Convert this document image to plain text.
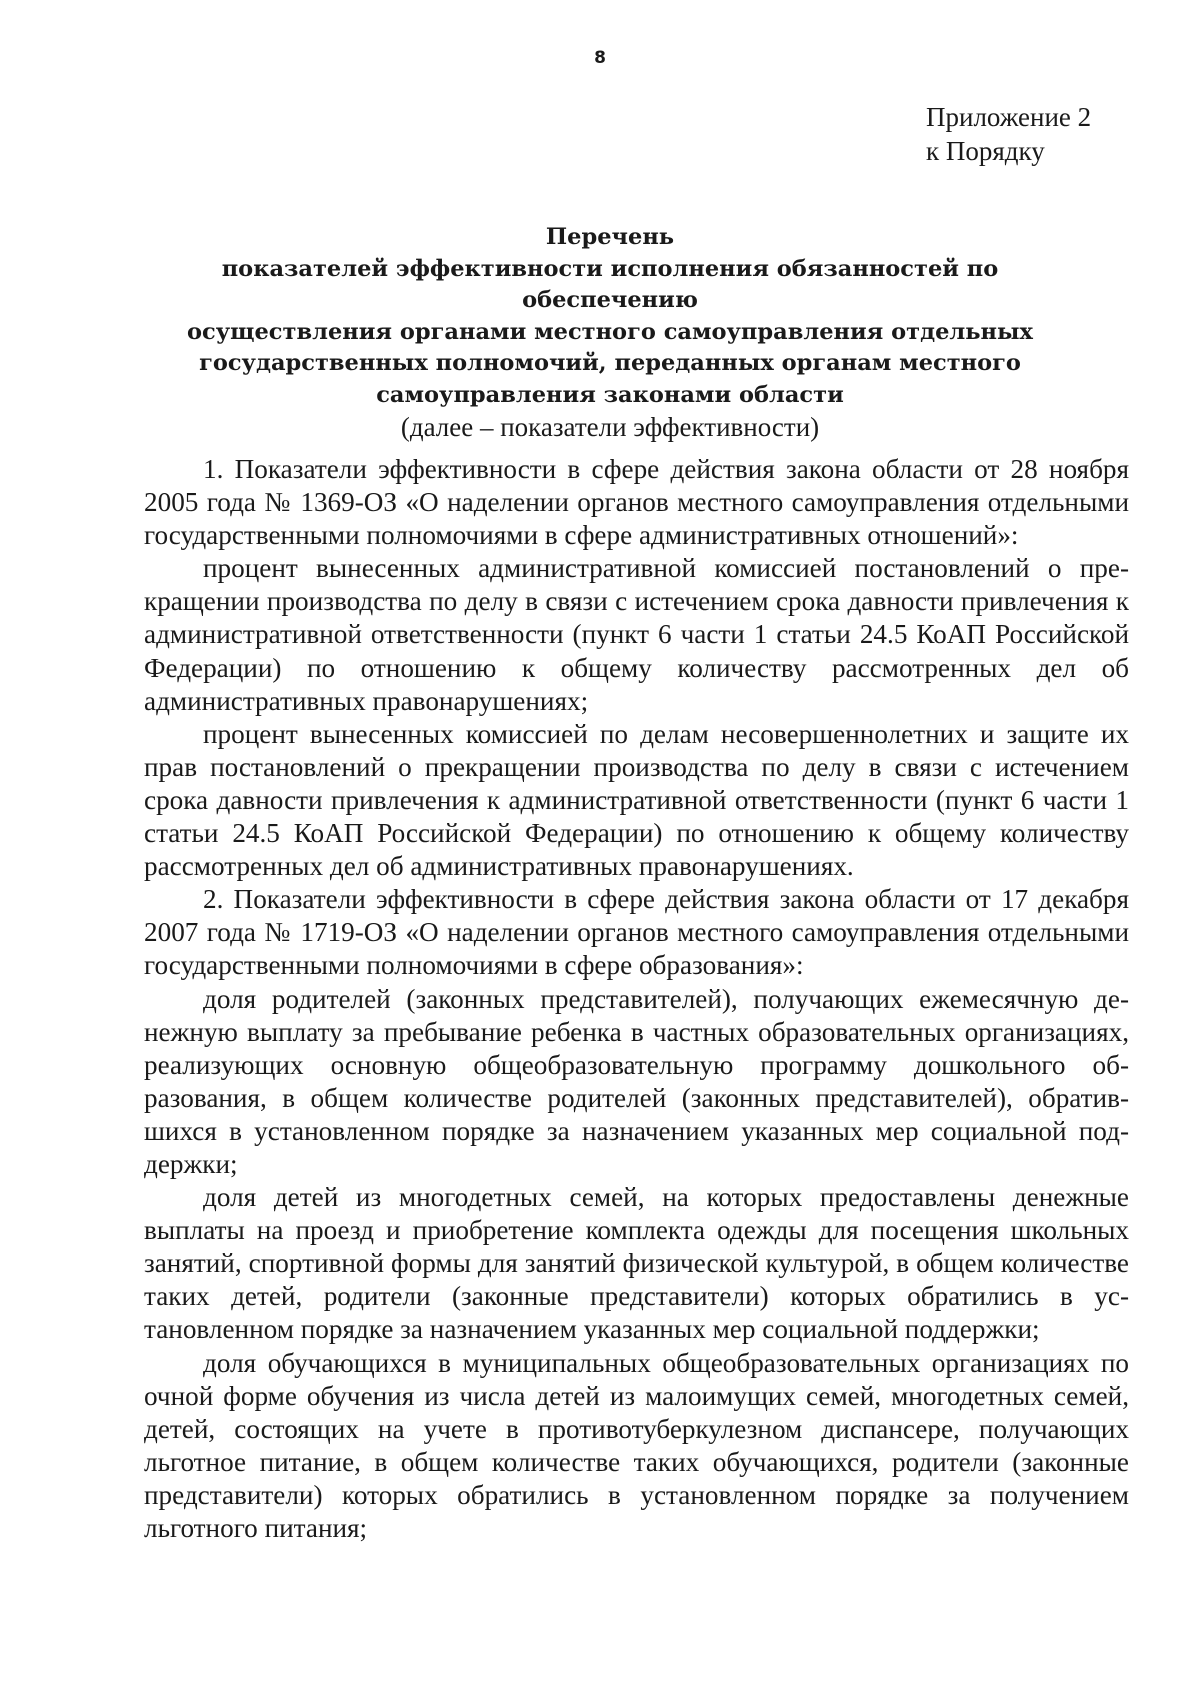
8
Приложение 2
к Порядку
Перечень
показателей эффективности исполнения обязанностей по обеспечению
осуществления органами местного самоуправления отдельных
государственных полномочий, переданных органам местного
самоуправления законами области
(далее – показатели эффективности)

1. Показатели эффективности в сфере действия закона области от 28 ноября 2005 года № 1369-ОЗ «О наделении органов местного самоуправления отдельными государственными полномочиями в сфере административных отношений»:

процент вынесенных административной комиссией постановлений о прекращении производства по делу в связи с истечением срока давности привлечения к административной ответственности (пункт 6 части 1 статьи 24.5 КоАП Российской Федерации) по отношению к общему количеству рассмотренных дел об административных правонарушениях;

процент вынесенных комиссией по делам несовершеннолетних и защите их прав постановлений о прекращении производства по делу в связи с истечением срока давности привлечения к административной ответственности (пункт 6 части 1 статьи 24.5 КоАП Российской Федерации) по отношению к общему количеству рассмотренных дел об административных правонарушениях.

2. Показатели эффективности в сфере действия закона области от 17 декабря 2007 года № 1719-ОЗ «О наделении органов местного самоуправления отдельными государственными полномочиями в сфере образования»:

доля родителей (законных представителей), получающих ежемесячную денежную выплату за пребывание ребенка в частных образовательных организациях, реализующих основную общеобразовательную программу дошкольного образования, в общем количестве родителей (законных представителей), обратившихся в установленном порядке за назначением указанных мер социальной поддержки;

доля детей из многодетных семей, на которых предоставлены денежные выплаты на проезд и приобретение комплекта одежды для посещения школьных занятий, спортивной формы для занятий физической культурой, в общем количестве таких детей, родители (законные представители) которых обратились в установленном порядке за назначением указанных мер социальной поддержки;

доля обучающихся в муниципальных общеобразовательных организациях по очной форме обучения из числа детей из малоимущих семей, многодетных семей, детей, состоящих на учете в противотуберкулезном диспансере, получающих льготное питание, в общем количестве таких обучающихся, родители (законные представители) которых обратились в установленном порядке за получением льготного питания;
